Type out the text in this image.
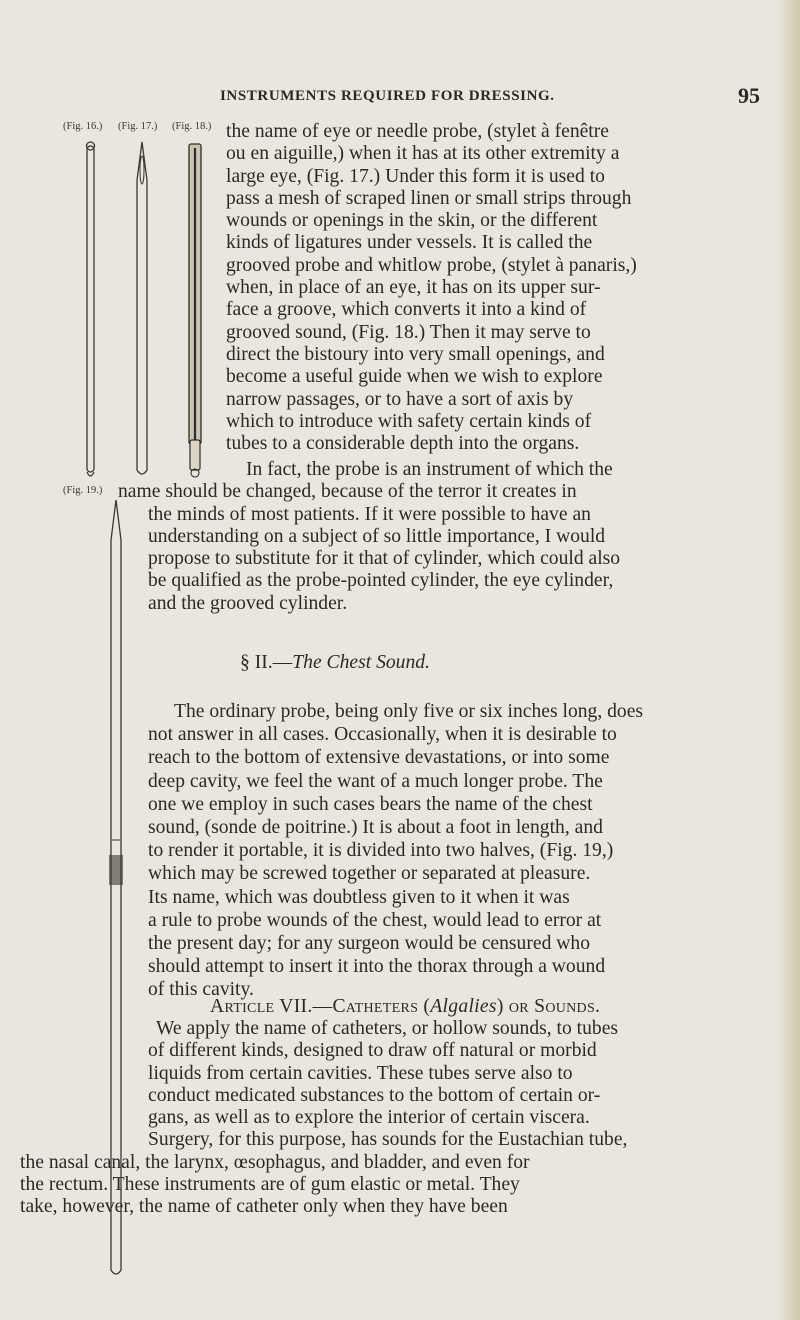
INSTRUMENTS REQUIRED FOR DRESSING.	95
(Fig. 16.) (Fig. 17.) (Fig. 18.)
(Fig. 19.)
the name of eye or needle probe, (stylet à fenêtre
ou en aiguille,) when it has at its other extremity a
large eye, (Fig. 17.) Under this form it is used to
pass a mesh of scraped linen or small strips through
wounds or openings in the skin, or the different
kinds of ligatures under vessels. It is called the
grooved probe and whitlow probe, (stylet à panaris,)
when, in place of an eye, it has on its upper sur-
face a groove, which converts it into a kind of
grooved sound, (Fig. 18.) Then it may serve to
direct the bistoury into very small openings, and
become a useful guide when we wish to explore
narrow passages, or to have a sort of axis by
which to introduce with safety certain kinds of
tubes to a considerable depth into the organs.
In fact, the probe is an instrument of which the
name should be changed, because of the terror it creates in
the minds of most patients. If it were possible to have an
understanding on a subject of so little importance, I would
propose to substitute for it that of cylinder, which could also
be qualified as the probe-pointed cylinder, the eye cylinder,
and the grooved cylinder.
§ II.—The Chest Sound.
The ordinary probe, being only five or six inches long, does
not answer in all cases. Occasionally, when it is desirable to
reach to the bottom of extensive devastations, or into some
deep cavity, we feel the want of a much longer probe. The
one we employ in such cases bears the name of the chest
sound, (sonde de poitrine.) It is about a foot in length, and
to render it portable, it is divided into two halves, (Fig. 19,)
which may be screwed together or separated at pleasure.
Its name, which was doubtless given to it when it was
a rule to probe wounds of the chest, would lead to error at
the present day; for any surgeon would be censured who
should attempt to insert it into the thorax through a wound
of this cavity.
Article VII.—Catheters (Algalies) or Sounds.
We apply the name of catheters, or hollow sounds, to tubes
of different kinds, designed to draw off natural or morbid
liquids from certain cavities. These tubes serve also to
conduct medicated substances to the bottom of certain or-
gans, as well as to explore the interior of certain viscera.
Surgery, for this purpose, has sounds for the Eustachian tube,
the nasal canal, the larynx, œsophagus, and bladder, and even for
the rectum. These instruments are of gum elastic or metal. They
take, however, the name of catheter only when they have been
